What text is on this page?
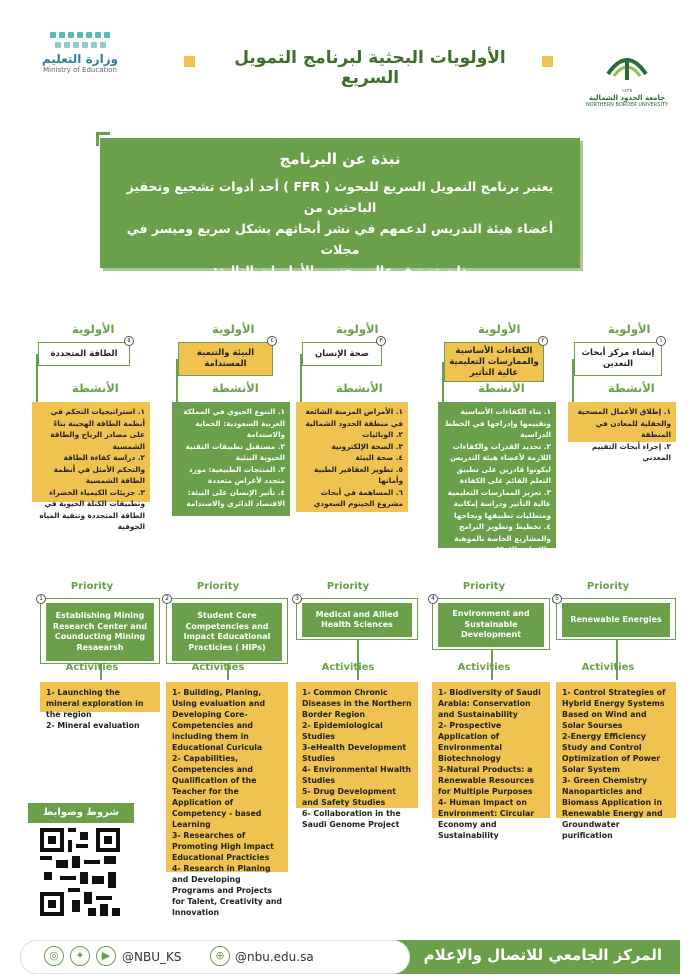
وزارة التعليم
Ministry of Education
الأولويات البحثية لبرنامج التمويل السريع
١٤٢٨
جامعة الحدود الشمالية
NORTHERN BORDER UNIVERSITY
نبذة عن البرنامج

يعتبر برنامج التمويل السريع للبحوث ( FFR ) أحد أدوات تشجيع وتحفيز الباحثين من

أعضاء هيئة التدريس لدعمهم في نشر أبحاثهم بشكل سريع وميسر في مجلات

ذات تصنيف عالي، حسب الأولويات التالية:

الأولوية
إنشاء مركز أبحاث التعدين
١
الأنشطة
١. إطلاق الأعمال المسحية والحقلية للمعادن في المنطقة
٢. إجراء أبحاث التقييم المعدني
الأولوية
الكفاءات الأساسية والممارسات التعليمية عالية التأثير
٢
الأنشطة
١. بناء الكفاءات الأساسية وتقييمها وإدراجها في الخطط الدراسية
٢. تحديد القدرات والكفاءات اللازمة لأعضاء هيئة التدريس ليكونوا قادرين على تطبيق التعلم القائم على الكفاءة
٣. تعزيز الممارسات التعليمية عالية التأثير ودراسة إمكانية ومتطلبات تطبيقها ونجاحها
٤. تخطيط وتطوير البرامج والمشاريع الخاصة بالموهبة والإبداع والابتكار
الأولوية
صحة الإنسان
٣
الأنشطة
١. الأمراض المزمنة الشائعة في منطقة الحدود الشمالية
٢. الوبائيات
٣. الصحة الإلكترونية
٤. صحة البيئة
٥. تطوير العقاقير الطبية وأمانها
٦. المساهمة في أبحاث مشروع الجينوم السعودي
الأولوية
البيئة والتنمية المستدامة
٤
الأنشطة
١. التنوع الحيوي في المملكة العربية السعودية: الحماية والاستدامة
٢. مستقبل تطبيقات التقنية الحيوية البيئية
٣. المنتجات الطبيعية: مورد متجدد لأغراض متعددة
٤. تأثير الإنسان على البيئة: الاقتصاد الدائري والاستدامة
الأولوية
الطاقة المتجددة
٥
الأنشطة
١. استراتيجيات التحكم في أنظمة الطاقة الهجينة بناءً على مصادر الرياح والطاقة الشمسية
٢. دراسة كفاءة الطاقة والتحكم الأمثل في أنظمة الطاقة الشمسية
٣. جزيئات الكيمياء الخضراء وتطبيقات الكتلة الحيوية في الطاقة المتجددة وتنقية المياه الجوفية
Priority
Establishing Mining Research Center and Counducting Mining Resaearsh
1
Activities
1- Launching the mineral exploration in the region
2- Mineral evaluation
Priority
Student Core Competencies and Impact Educational Practicies ( HIPs)
2
Activities
1- Building, Planing, Using evaluation and Developing Core- Competencies and including them in Educational Curicula
2- Capabilities, Competencies and Qualification of the Teacher for the Application of Competency - based Learning
3- Researches of Promoting High Impact Educational Practicies
4- Research in Planing and Developing Programs and Projects for Talent, Creativity and Innovation
Priority
Medical and Allied Health Sciences
3
Activities
1- Common Chronic Diseases in the Northern Border Region
2- Epidemiological Studies
3-eHealth Development Studies
4- Environmental Hwalth Studies
5- Drug Development and Safety Studies
6- Collaboration in the Saudi Genome Project
Priority
Environment and Sustainable Development
4
Activities
1- Biodiversity of Saudi Arabia: Conservation and Sustainability
2- Prospective Application of Environmental Biotechnology
3-Natural Products: a Renewable Resources for Multiple Purposes
4- Human Impact on Environment: Circular Economy and Sustainability
Priority
Renewable Energies
5
Activities
1- Control Strategies of Hybrid Energy Systems Based on Wind and Solar Sourses
2-Energy Efficiency Study and Control Optimization of Power Solar System
3- Green Chemistry Nanoparticles and Biomass Application in Renewable Energy and Groundwater purification
شروط وضوابط
المركز الجامعي للاتصال والإعلام
⊕ @nbu.edu.sa
◎	✦	▶ @NBU_KS
